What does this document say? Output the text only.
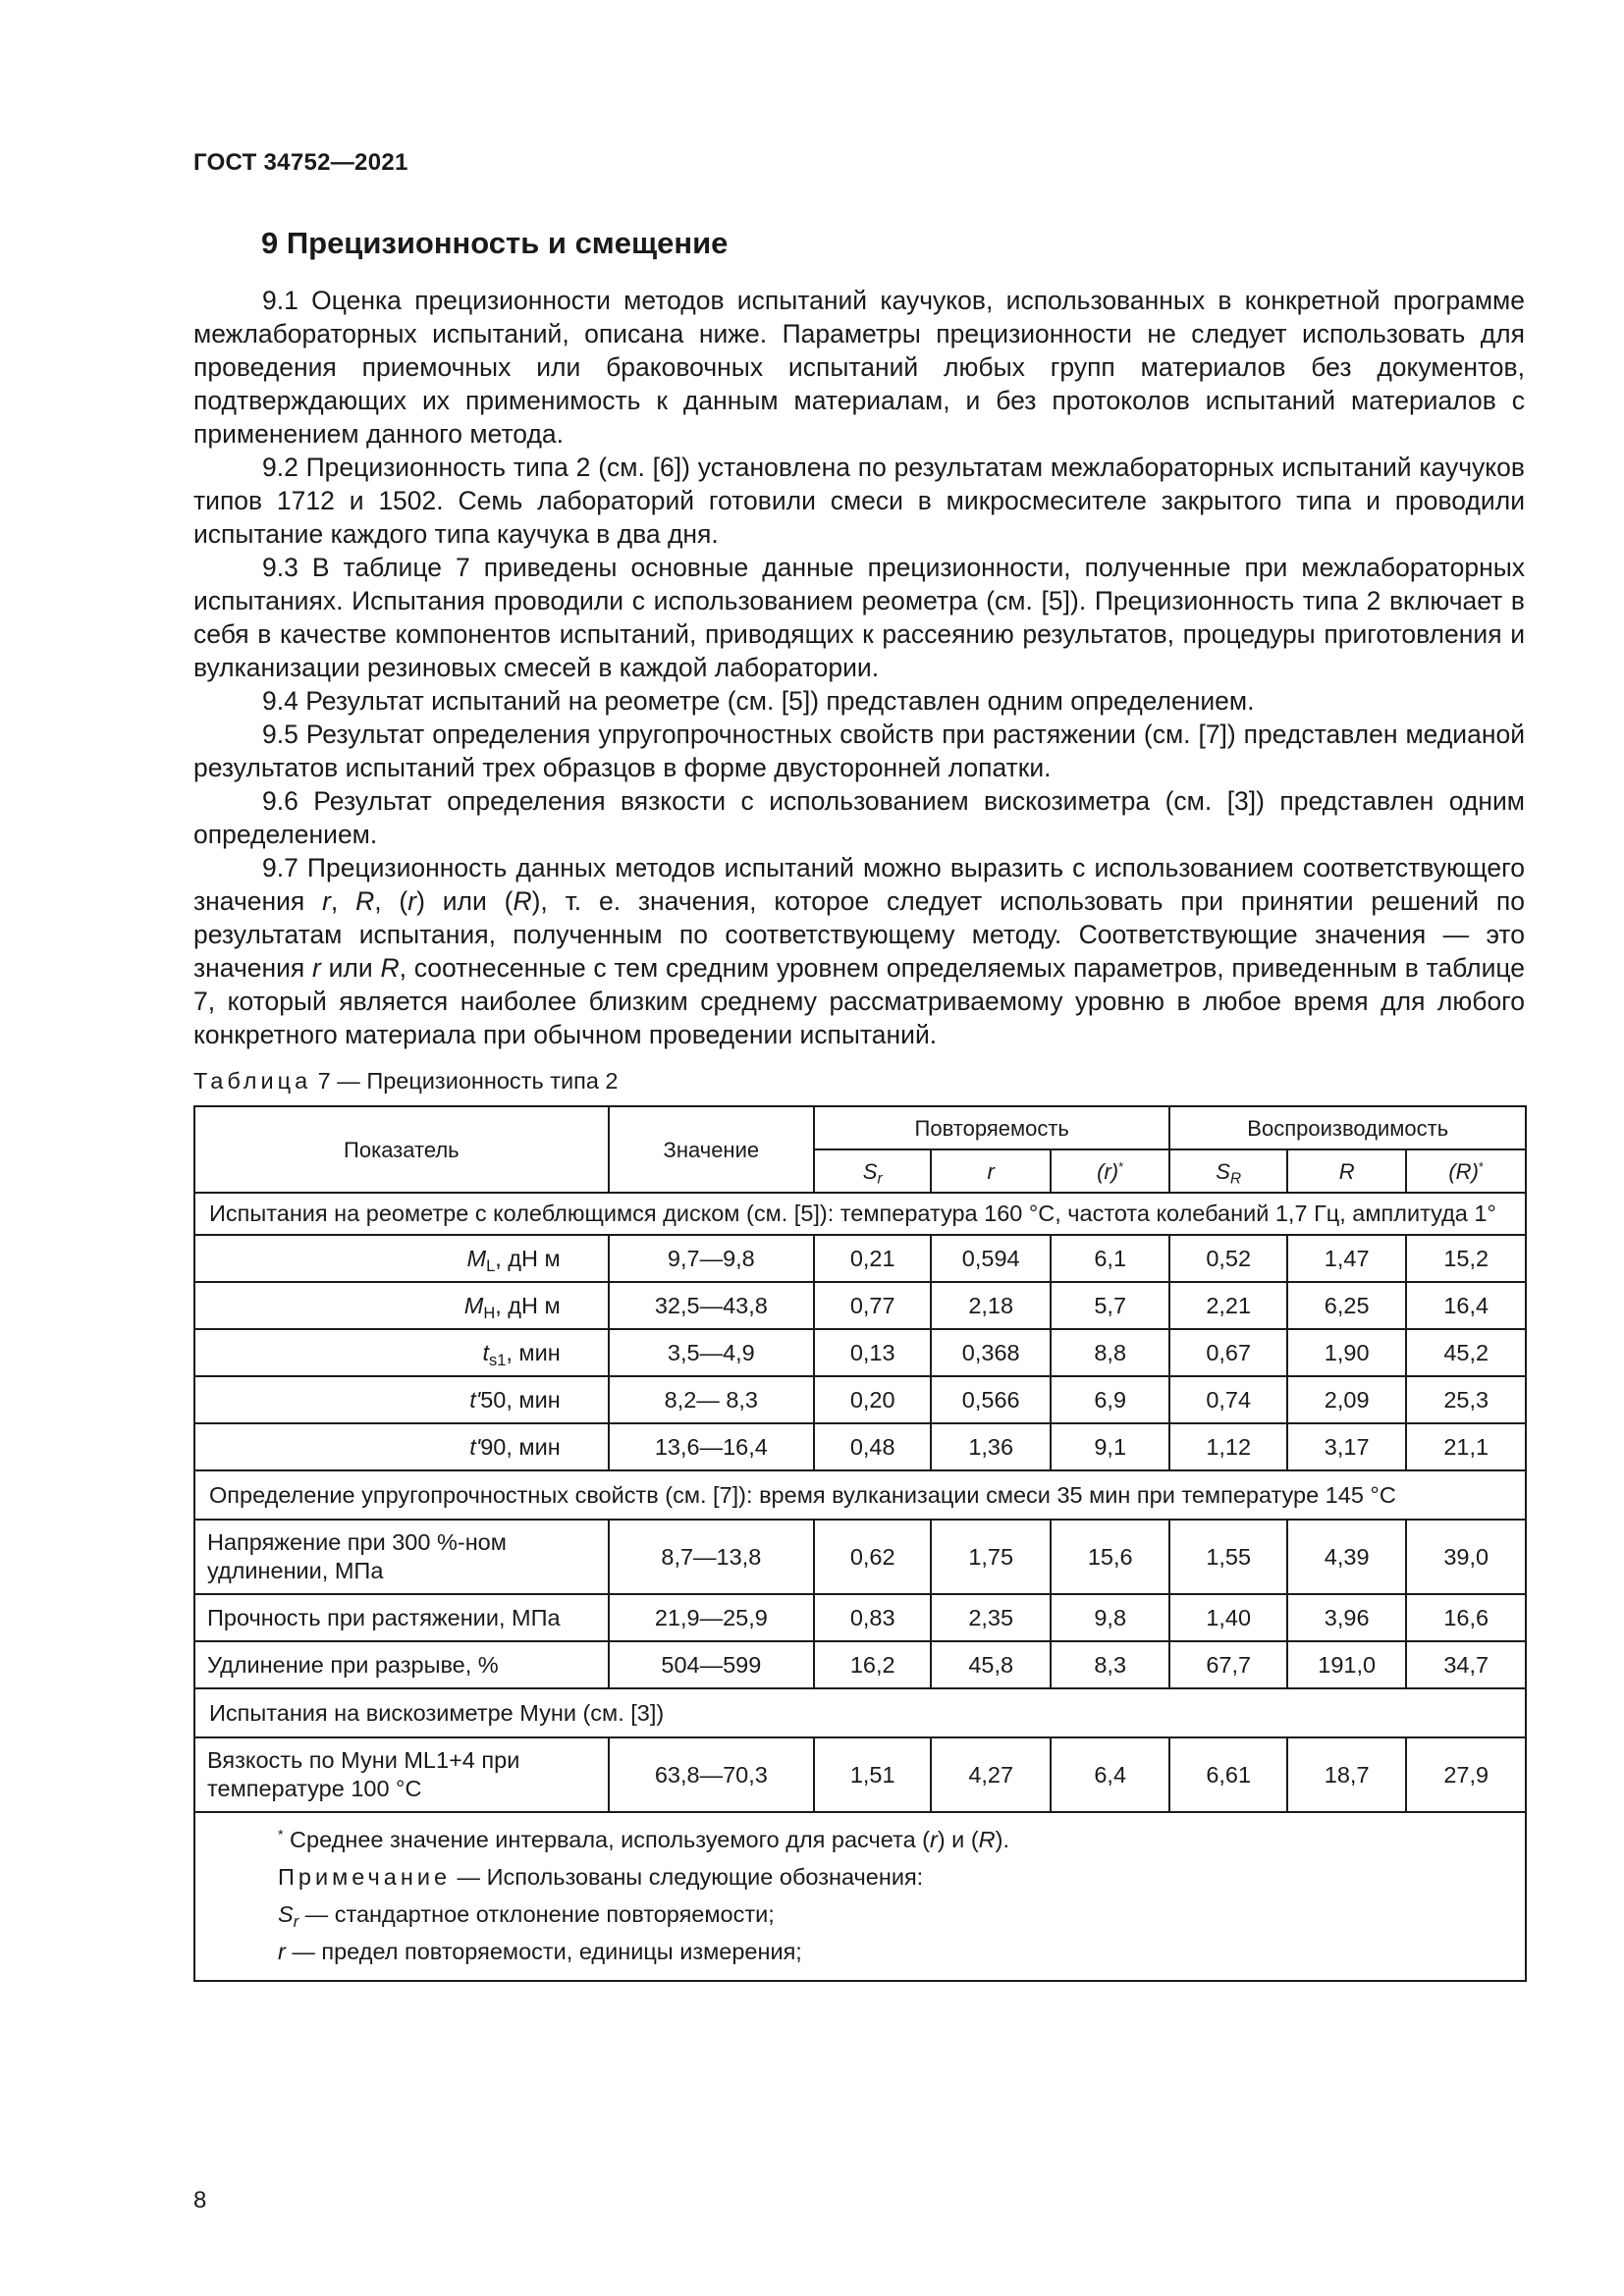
ГОСТ 34752—2021
9 Прецизионность и смещение

9.1 Оценка прецизионности методов испытаний каучуков, использованных в конкретной программе межлабораторных испытаний, описана ниже. Параметры прецизионности не следует использовать для проведения приемочных или браковочных испытаний любых групп материалов без документов, подтверждающих их применимость к данным материалам, и без протоколов испытаний материалов с применением данного метода.

9.2 Прецизионность типа 2 (см. [6]) установлена по результатам межлабораторных испытаний каучуков типов 1712 и 1502. Семь лабораторий готовили смеси в микросмесителе закрытого типа и проводили испытание каждого типа каучука в два дня.

9.3 В таблице 7 приведены основные данные прецизионности, полученные при межлабораторных испытаниях. Испытания проводили с использованием реометра (см. [5]). Прецизионность типа 2 включает в себя в качестве компонентов испытаний, приводящих к рассеянию результатов, процедуры приготовления и вулканизации резиновых смесей в каждой лаборатории.

9.4 Результат испытаний на реометре (см. [5]) представлен одним определением.

9.5 Результат определения упругопрочностных свойств при растяжении (см. [7]) представлен медианой результатов испытаний трех образцов в форме двусторонней лопатки.

9.6 Результат определения вязкости с использованием вискозиметра (см. [3]) представлен одним определением.

9.7 Прецизионность данных методов испытаний можно выразить с использованием соответствующего значения r, R, (r) или (R), т. е. значения, которое следует использовать при принятии решений по результатам испытания, полученным по соответствующему методу. Соответствующие значения — это значения r или R, соотнесенные с тем средним уровнем определяемых параметров, приведенным в таблице 7, который является наиболее близким среднему рассматриваемому уровню в любое время для любого конкретного материала при обычном проведении испытаний.

Таблица 7 — Прецизионность типа 2
Показатель	Значение	Повторяемость			Воспроизводимость		
		$S_r$	r	(r)*	$S_R$	R	(R)*
Испытания на реометре с колеблющимся диском (см. [5]): температура 160 °С, частота колебаний 1,7 Гц, амплитуда 1°							
$M_L$, дН м	9,7—9,8	0,21	0,594	6,1	0,52	1,47	15,2
$M_H$, дН м	32,5—43,8	0,77	2,18	5,7	2,21	6,25	16,4
$t_{s1}$, мин	3,5—4,9	0,13	0,368	8,8	0,67	1,90	45,2
t'50, мин	8,2— 8,3	0,20	0,566	6,9	0,74	2,09	25,3
t'90, мин	13,6—16,4	0,48	1,36	9,1	1,12	3,17	21,1
Определение упругопрочностных свойств (см. [7]): время вулканизации смеси 35 мин при температуре 145 °С							
Напряжение при 300 %-ном удлинении, МПа	8,7—13,8	0,62	1,75	15,6	1,55	4,39	39,0
Прочность при растяжении, МПа	21,9—25,9	0,83	2,35	9,8	1,40	3,96	16,6
Удлинение при разрыве, %	504—599	16,2	45,8	8,3	67,7	191,0	34,7
Испытания на вискозиметре Муни (см. [3])							
Вязкость по Муни ML1+4 при температуре 100 °С	63,8—70,3	1,51	4,27	6,4	6,61	18,7	27,9

* Среднее значение интервала, используемого для расчета (r) и (R).
Примечание — Использованы следующие обозначения:
$S_r$ — стандартное отклонение повторяемости;
r — предел повторяемости, единицы измерения;							
8
